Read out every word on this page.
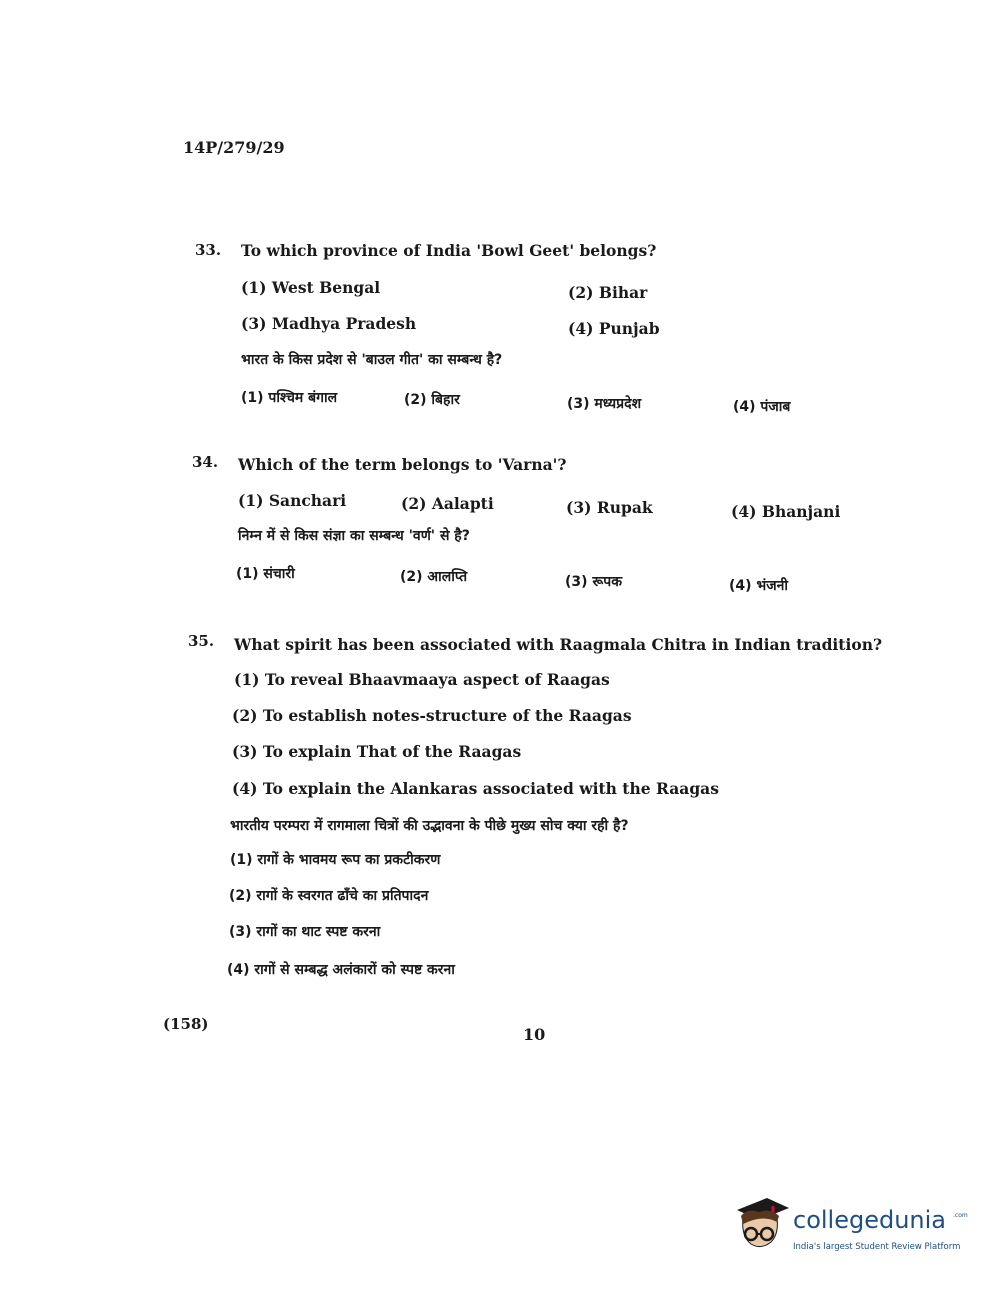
14P/279/29
33. To which province of India 'Bowl Geet' belongs?
(1) West Bengal	(2) Bihar
(3) Madhya Pradesh	(4) Punjab
भारत के किस प्रदेश से 'बाउल गीत' का सम्बन्ध है?
(1) पश्चिम बंगाल	(2) बिहार	(3) मध्यप्रदेश	(4) पंजाब
34. Which of the term belongs to 'Varna'?
(1) Sanchari	(2) Aalapti	(3) Rupak	(4) Bhanjani
निम्न में से किस संज्ञा का सम्बन्ध 'वर्ण' से है?
(1) संचारी	(2) आलप्ति	(3) रूपक	(4) भंजनी
35. What spirit has been associated with Raagmala Chitra in Indian tradition?
(1) To reveal Bhaavmaaya aspect of Raagas
(2) To establish notes-structure of the Raagas
(3) To explain That of the Raagas
(4) To explain the Alankaras associated with the Raagas
भारतीय परम्परा में रागमाला चित्रों की उद्भावना के पीछे मुख्य सोच क्या रही है?
(1) रागों के भावमय रूप का प्रकटीकरण
(2) रागों के स्वरगत ढाँचे का प्रतिपादन
(3) रागों का थाट स्पष्ट करना
(4) रागों से सम्बद्ध अलंकारों को स्पष्ट करना
(158)
10
collegedunia .com
India's largest Student Review Platform
